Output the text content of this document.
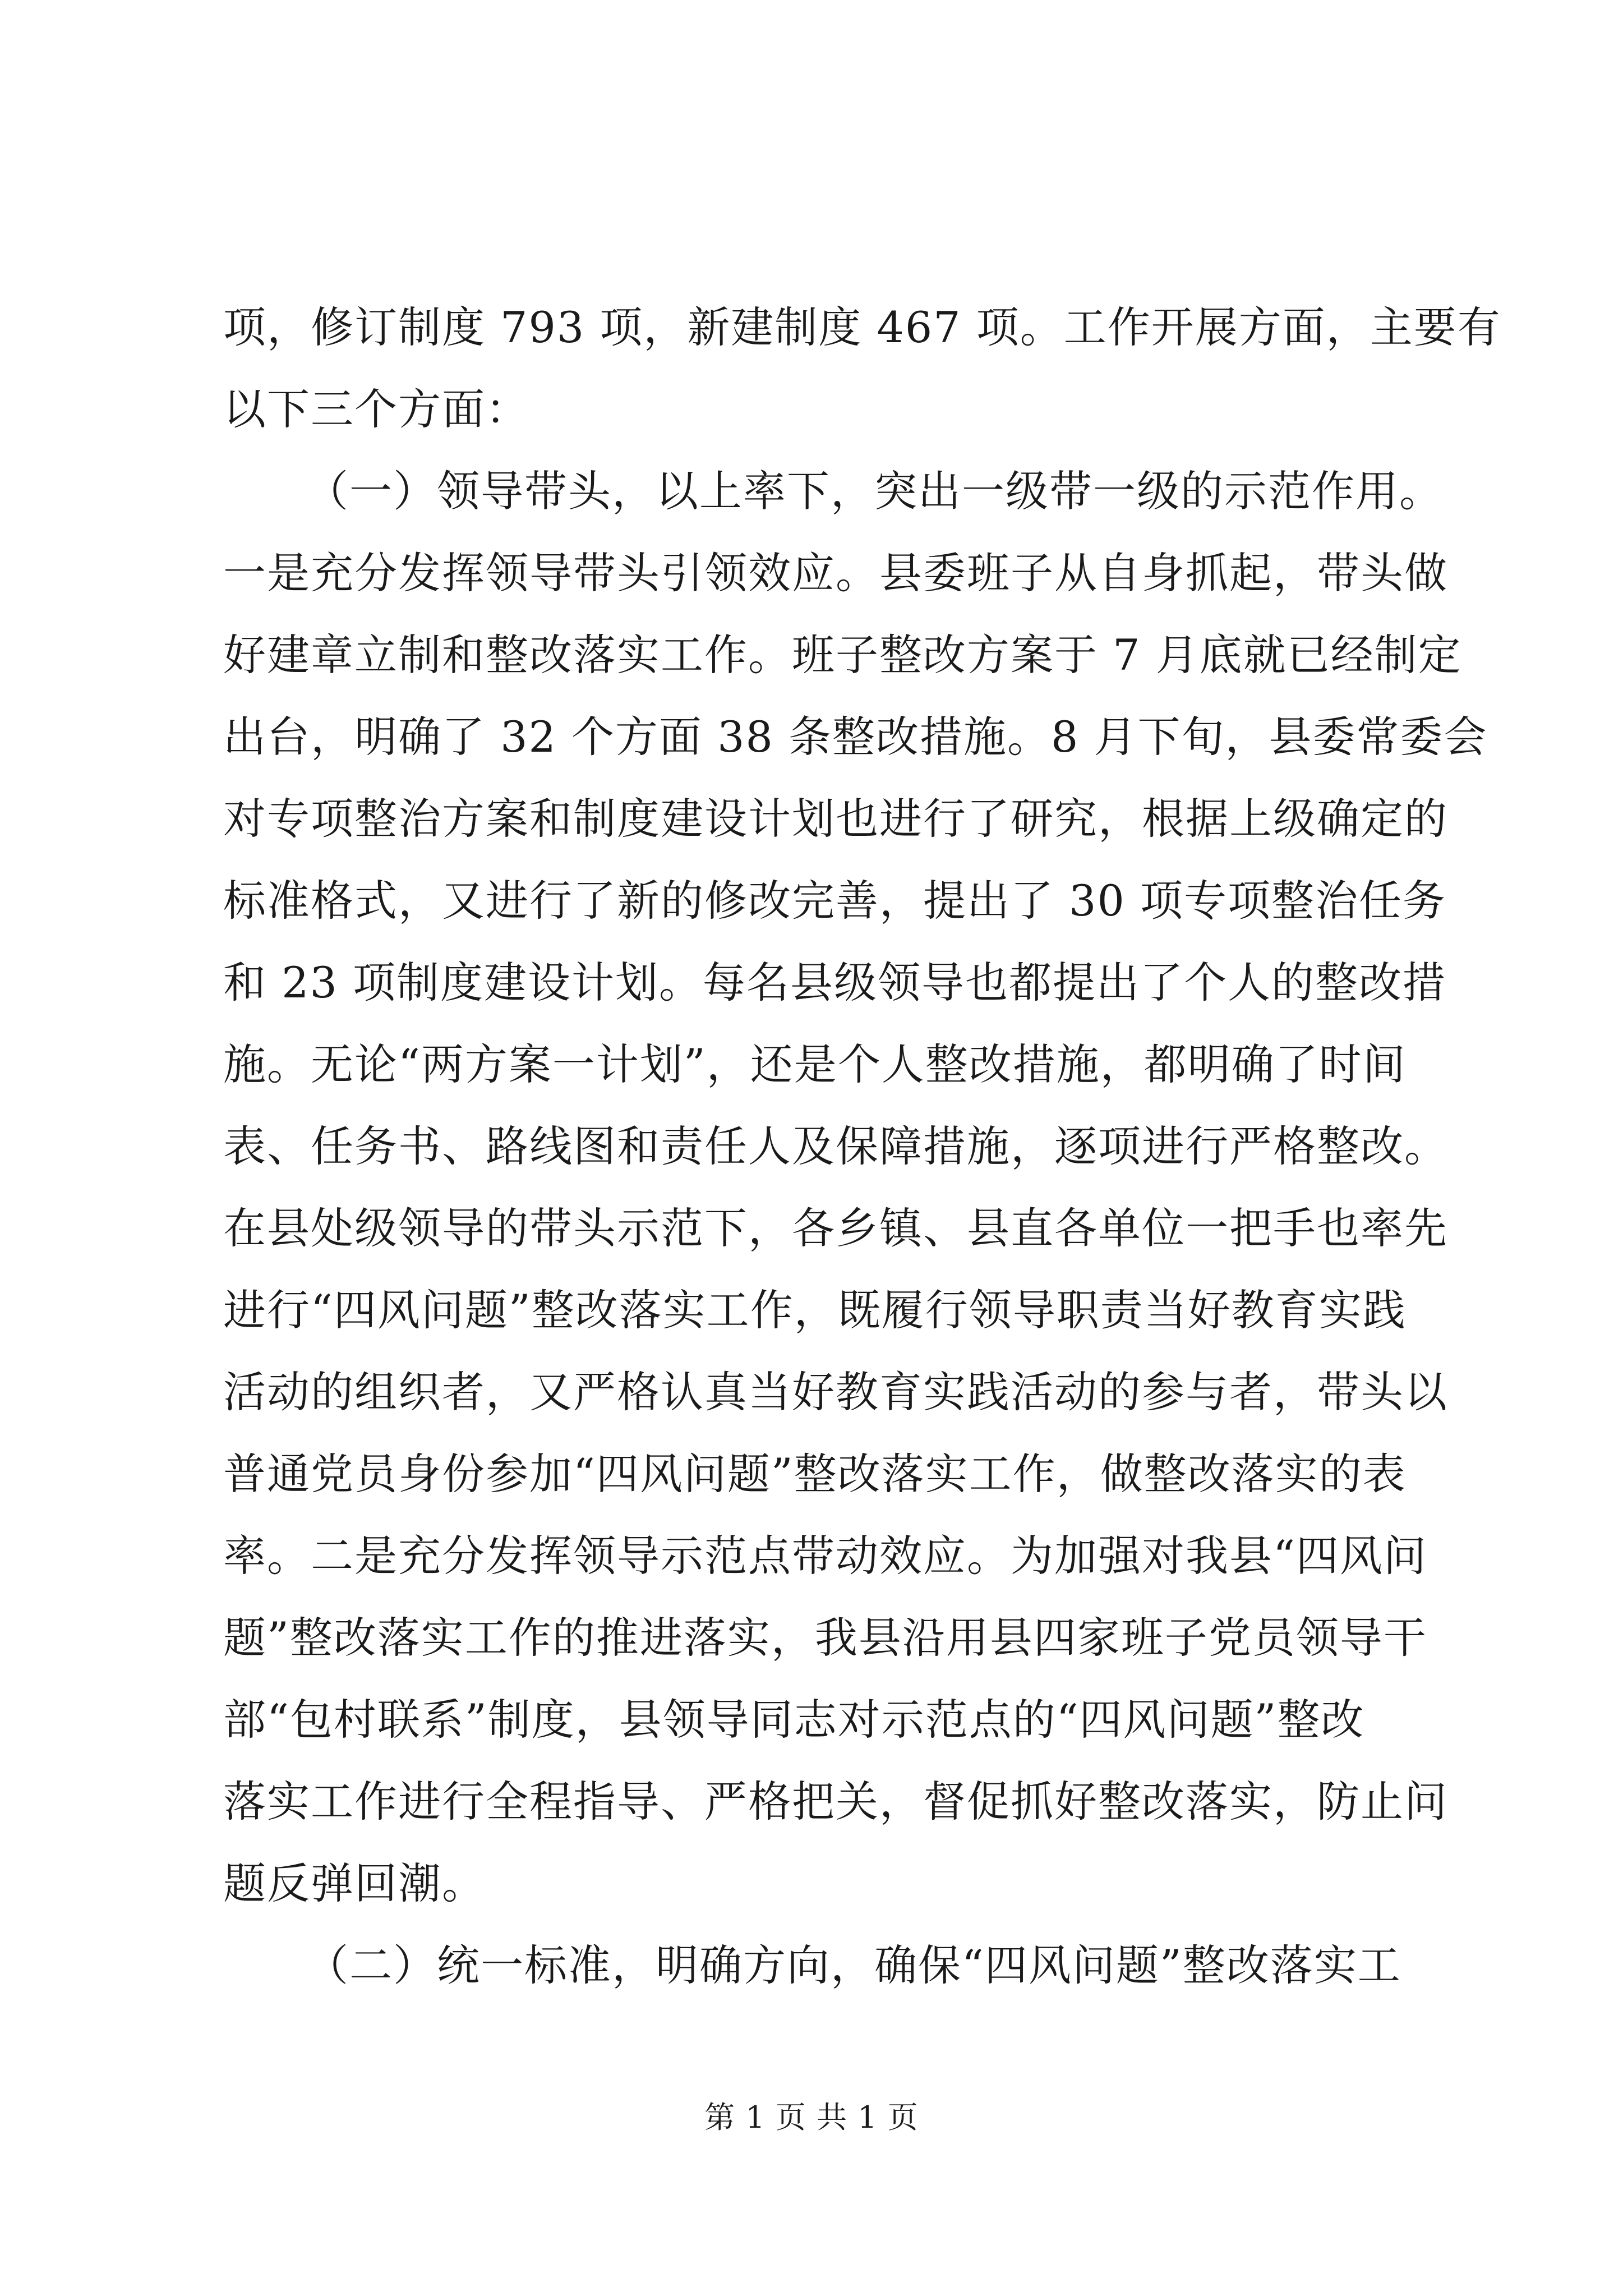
项，修订制度 793 项，新建制度 467 项。工作开展方面，主要有
以下三个方面：
（一）领导带头，以上率下，突出一级带一级的示范作用。
一是充分发挥领导带头引领效应。县委班子从自身抓起，带头做
好建章立制和整改落实工作。班子整改方案于 7 月底就已经制定
出台，明确了 32 个方面 38 条整改措施。8 月下旬，县委常委会
对专项整治方案和制度建设计划也进行了研究，根据上级确定的
标准格式，又进行了新的修改完善，提出了 30 项专项整治任务
和 23 项制度建设计划。每名县级领导也都提出了个人的整改措
施。无论“两方案一计划”，还是个人整改措施，都明确了时间
表、任务书、路线图和责任人及保障措施，逐项进行严格整改。
在县处级领导的带头示范下，各乡镇、县直各单位一把手也率先
进行“四风问题”整改落实工作，既履行领导职责当好教育实践
活动的组织者，又严格认真当好教育实践活动的参与者，带头以
普通党员身份参加“四风问题”整改落实工作，做整改落实的表
率。二是充分发挥领导示范点带动效应。为加强对我县“四风问
题”整改落实工作的推进落实，我县沿用县四家班子党员领导干
部“包村联系”制度，县领导同志对示范点的“四风问题”整改
落实工作进行全程指导、严格把关，督促抓好整改落实，防止问
题反弹回潮。
（二）统一标准，明确方向，确保“四风问题”整改落实工
第 1 页 共 1 页
